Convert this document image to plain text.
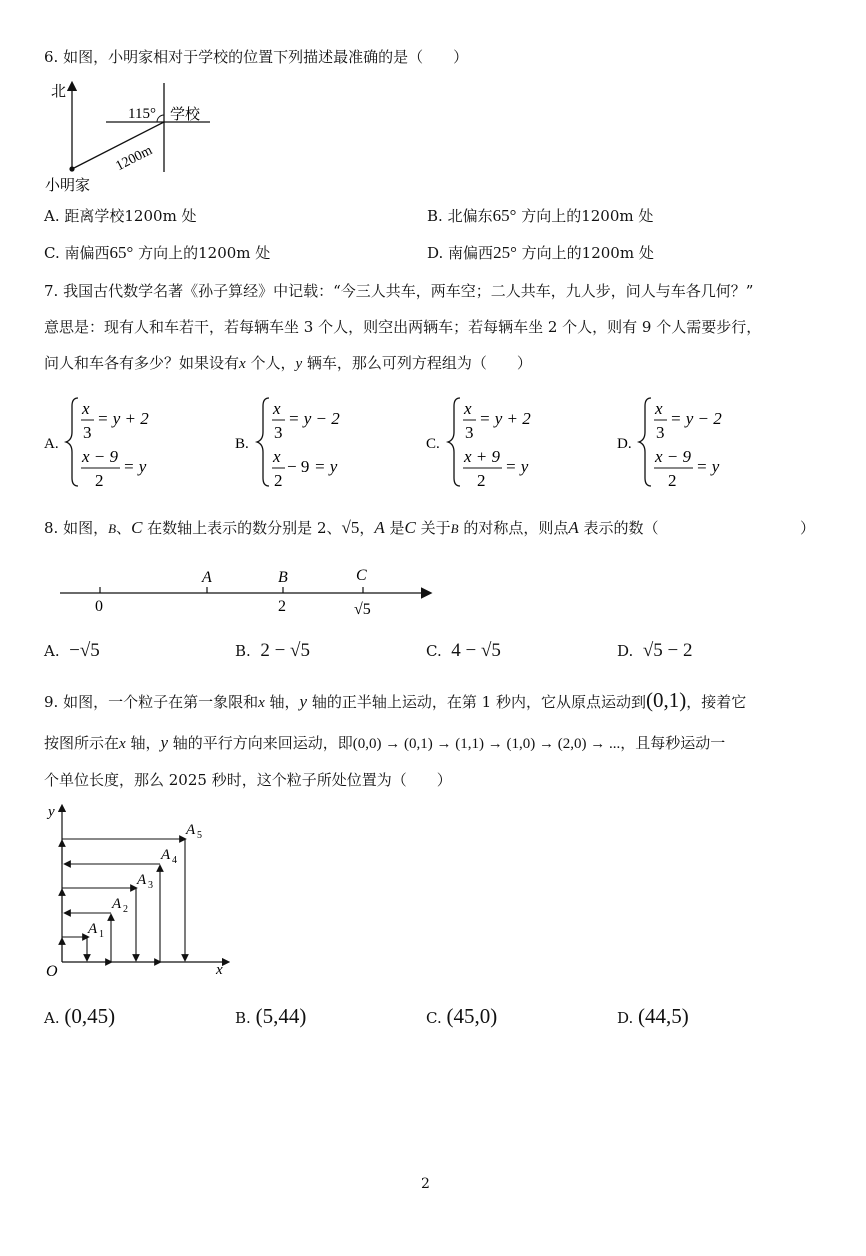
6. 如图，小明家相对于学校的位置下列描述最准确的是（　　）
北
115° 学校
1200m
小明家
A. 距离学校1200m 处	B. 北偏东65° 方向上的1200m 处
C. 南偏西65° 方向上的1200m 处	D. 南偏西25° 方向上的1200m 处
7. 我国古代数学名著《孙子算经》中记载：“今三人共车，两车空；二人共车，九人步，问人与车各几何？”
意思是：现有人和车若干，若每辆车坐 3 个人，则空出两辆车；若每辆车坐 2 个人，则有 9 个人需要步行，
问人和车各有多少？如果设有x 个人，y 辆车，那么可列方程组为（　　）
A.
x
3
= y + 2
x − 9
2
= y
B.
x
3
= y − 2
x
2
− 9 = y
C.
x
3
= y + 2
x + 9
2
= y
D.
x
3
= y − 2
x − 9
2
= y
8. 如图，B、C 在数轴上表示的数分别是 2、√5，A 是C 关于B 的对称点，则点A 表示的数（	）
A	B	C
0	2	√5
A. −√5	B. 2 − √5	C. 4 − √5	D. √5 − 2
9. 如图，一个粒子在第一象限和x 轴，y 轴的正半轴上运动，在第 1 秒内，它从原点运动到(0,1)，接着它
按图所示在x 轴，y 轴的平行方向来回运动，即(0,0) → (0,1) → (1,1) → (1,0) → (2,0) → ...，且每秒运动一
个单位长度，那么 2025 秒时，这个粒子所处位置为（　　）
y
x
O
A 1
A 2
A 3
A 4
A 5
A. (0,45)	B. (5,44)	C. (45,0)	D. (44,5)
2
